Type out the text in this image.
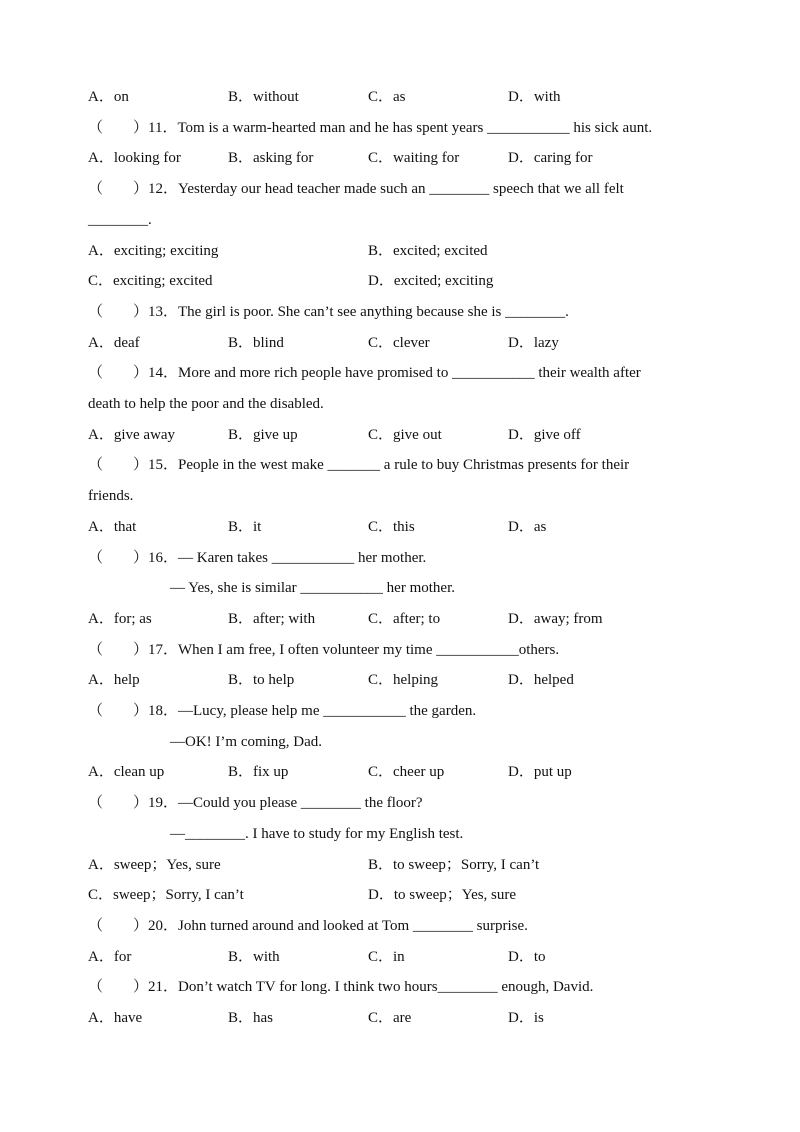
A．on	B．without	C．as	D．with
（　　）11．Tom is a warm-hearted man and he has spent years ___________ his sick aunt.
A．looking for	B．asking for	C．waiting for	D．caring for
（　　）12．Yesterday our head teacher made such an ________ speech that we all felt
________.
A．exciting; exciting	B．excited; excited
C．exciting; excited	D．excited; exciting
（　　）13．The girl is poor. She can’t see anything because she is ________.
A．deaf	B．blind	C．clever	D．lazy
（　　）14．More and more rich people have promised to ___________ their wealth after
death to help the poor and the disabled.
A．give away	B．give up	C．give out	D．give off
（　　）15．People in the west make _______ a rule to buy Christmas presents for their
friends.
A．that	B．it	C．this	D．as
（　　）16．— Karen takes ___________ her mother.
— Yes, she is similar ___________ her mother.
A．for; as	B．after; with	C．after; to	D．away; from
（　　）17．When I am free, I often volunteer my time ___________others.
A．help	B．to help	C．helping	D．helped
（　　）18．—Lucy, please help me ___________ the garden.
—OK! I’m coming, Dad.
A．clean up	B．fix up	C．cheer up	D．put up
（　　）19．—Could you please ________ the floor?
—________. I have to study for my English test.
A．sweep；Yes, sure	B．to sweep；Sorry, I can’t
C．sweep；Sorry, I can’t	D．to sweep；Yes, sure
（　　）20．John turned around and looked at Tom ________ surprise.
A．for	B．with	C．in	D．to
（　　）21．Don’t watch TV for long. I think two hours________ enough, David.
A．have	B．has	C．are	D．is
